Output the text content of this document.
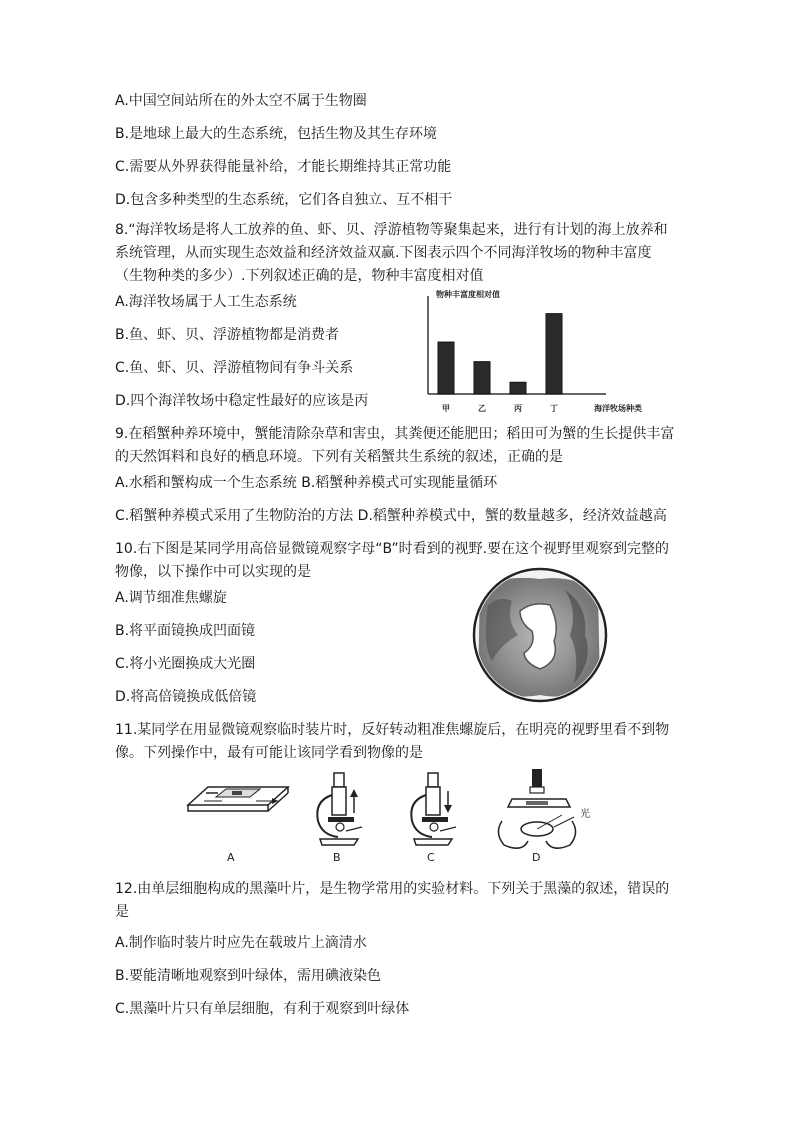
A.中国空间站所在的外太空不属于生物圈
B.是地球上最大的生态系统，包括生物及其生存环境
C.需要从外界获得能量补给，才能长期维持其正常功能
D.包含多种类型的生态系统，它们各自独立、互不相干
8.“海洋牧场是将人工放养的鱼、虾、贝、浮游植物等聚集起来，进行有计划的海上放养和系统管理，从而实现生态效益和经济效益双赢.下图表示四个不同海洋牧场的物种丰富度（生物种类的多少）.下列叙述正确的是，物种丰富度相对值
A.海洋牧场属于人工生态系统
B.鱼、虾、贝、浮游植物都是消费者
C.鱼、虾、贝、浮游植物间有争斗关系
D.四个海洋牧场中稳定性最好的应该是丙
物种丰富度相对值
甲	乙	丙	丁	海洋牧场种类
9.在稻蟹种养环境中，蟹能清除杂草和害虫，其粪便还能肥田；稻田可为蟹的生长提供丰富的天然饵料和良好的栖息环境。下列有关稻蟹共生系统的叙述，正确的是
A.水稻和蟹构成一个生态系统 B.稻蟹种养模式可实现能量循环
C.稻蟹种养模式采用了生物防治的方法 D.稻蟹种养模式中，蟹的数量越多，经济效益越高
10.右下图是某同学用高倍显微镜观察字母“B”时看到的视野.要在这个视野里观察到完整的物像，以下操作中可以实现的是
A.调节细准焦螺旋
B.将平面镜换成凹面镜
C.将小光圈换成大光圈
D.将高倍镜换成低倍镜
11.某同学在用显微镜观察临时装片时，反好转动粗准焦螺旋后，在明亮的视野里看不到物像。下列操作中，最有可能让该同学看到物像的是
A	B	C
光
D
12.由单层细胞构成的黑藻叶片，是生物学常用的实验材料。下列关于黑藻的叙述，错误的 是
A.制作临时装片时应先在载玻片上滴清水
B.要能清晰地观察到叶绿体，需用碘液染色
C.黑藻叶片只有单层细胞，有利于观察到叶绿体
